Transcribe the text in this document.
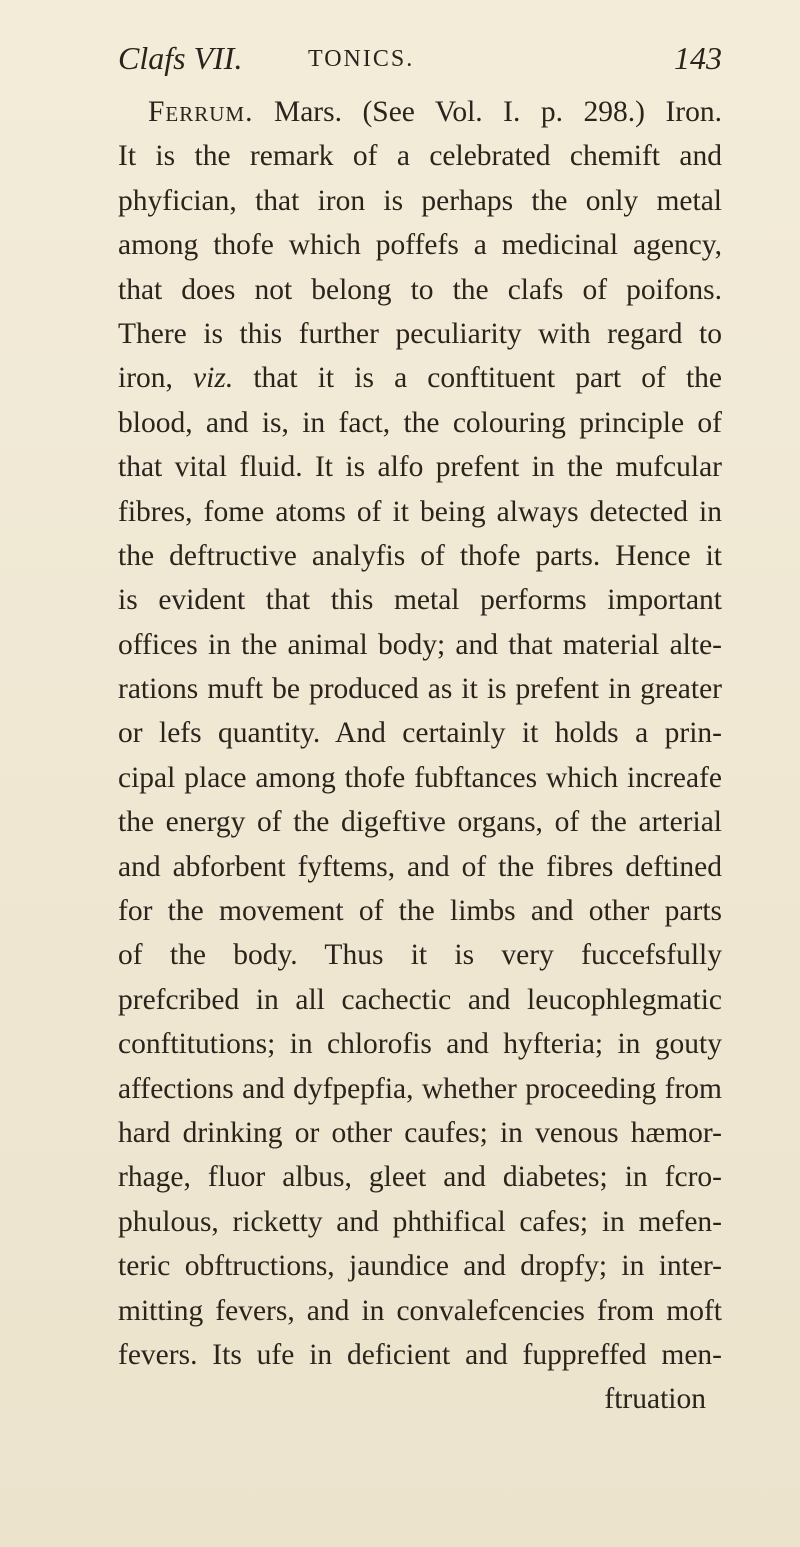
Clafs VII.	TONICS.	143
Ferrum. Mars. (See Vol. I. p. 298.) Iron.
It is the remark of a celebrated chemift and
phyfician, that iron is perhaps the only metal
among thofe which poffefs a medicinal agency,
that does not belong to the clafs of poifons.
There is this further peculiarity with regard to
iron, viz. that it is a conftituent part of the
blood, and is, in fact, the colouring principle of
that vital fluid. It is alfo prefent in the mufcular
fibres, fome atoms of it being always detected in
the deftructive analyfis of thofe parts. Hence it
is evident that this metal performs important
offices in the animal body; and that material alte-
rations muft be produced as it is prefent in greater
or lefs quantity. And certainly it holds a prin-
cipal place among thofe fubftances which increafe
the energy of the digeftive organs, of the arterial
and abforbent fyftems, and of the fibres deftined
for the movement of the limbs and other parts
of the body. Thus it is very fuccefsfully
prefcribed in all cachectic and leucophlegmatic
conftitutions; in chlorofis and hyfteria; in gouty
affections and dyfpepfia, whether proceeding from
hard drinking or other caufes; in venous hæmor-
rhage, fluor albus, gleet and diabetes; in fcro-
phulous, ricketty and phthifical cafes; in mefen-
teric obftructions, jaundice and dropfy; in inter-
mitting fevers, and in convalefcencies from moft
fevers. Its ufe in deficient and fuppreffed men-
ftruation
